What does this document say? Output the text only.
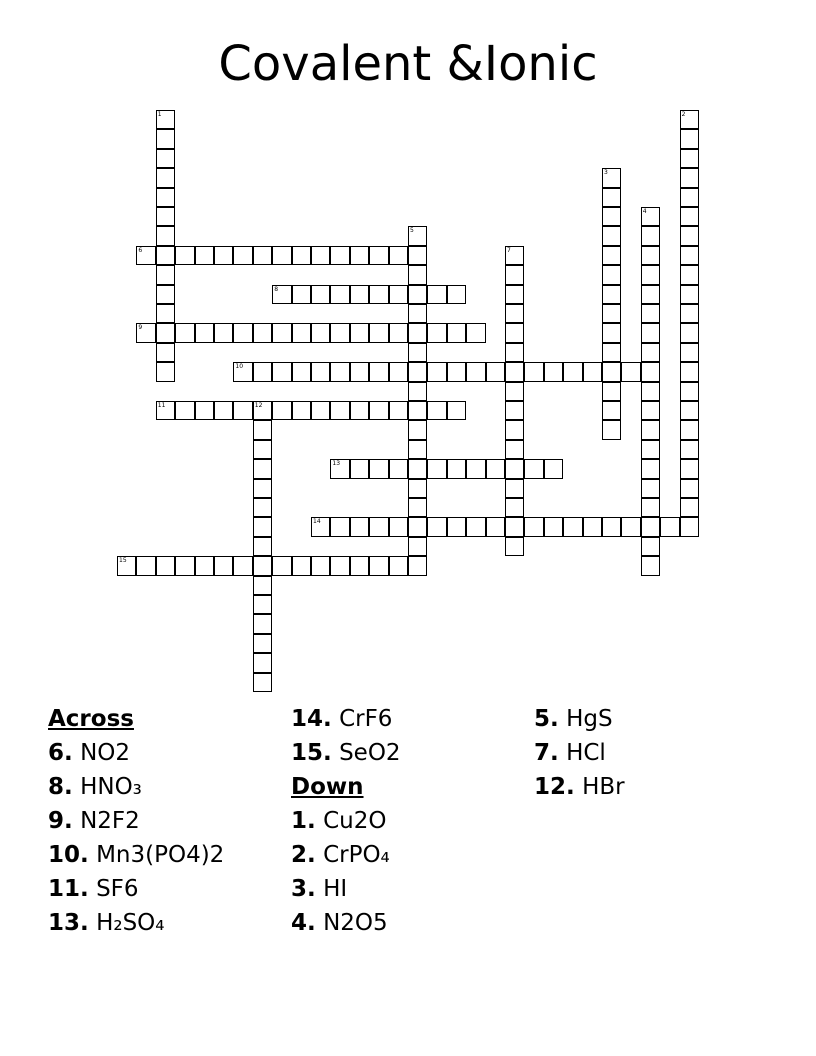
Covalent &Ionic
1	2
3
4
5
6	7
8
9
10
11	12
13
14
15
Across
6. NO2
8. HNO₃
9. N2F2
10. Mn3(PO4)2
11. SF6
13. H₂SO₄
14. CrF6
15. SeO2
Down
1. Cu2O
2. CrPO₄
3. HI
4. N2O5
5. HgS
7. HCl
12. HBr
